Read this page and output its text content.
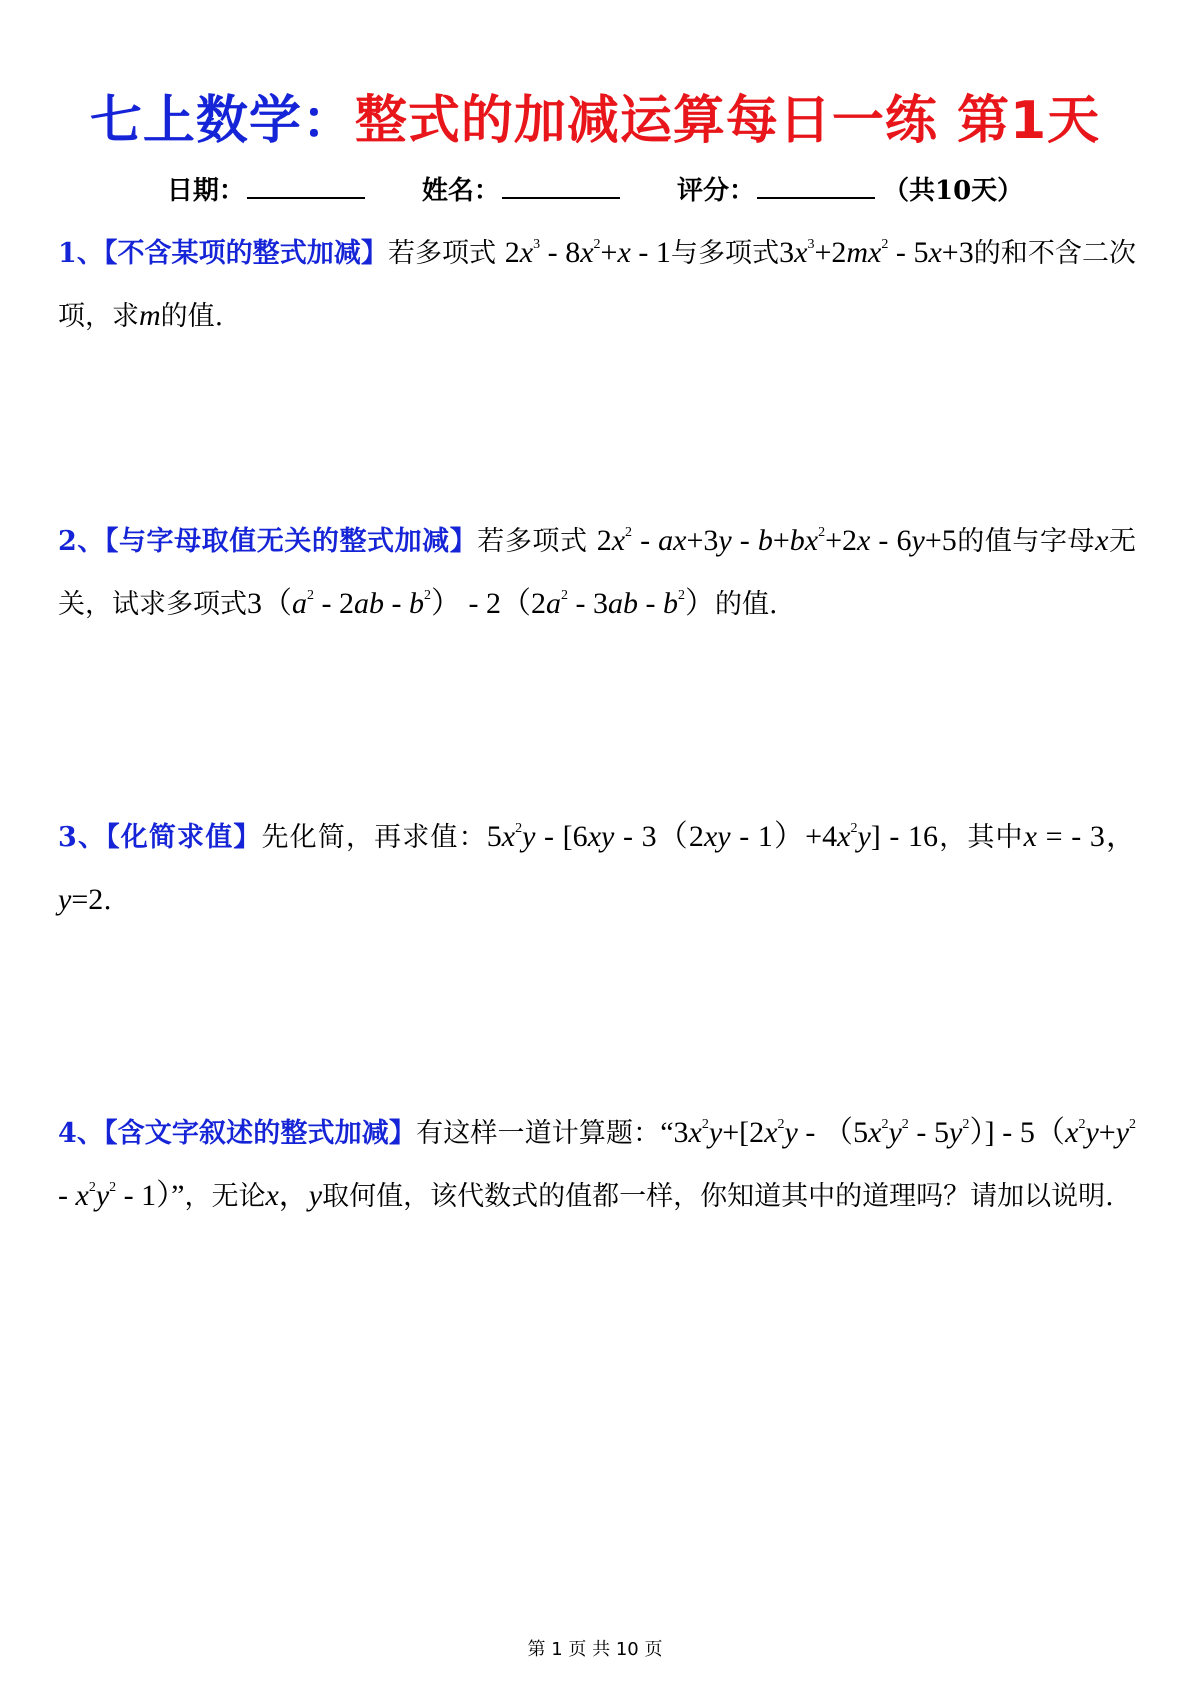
七上数学：整式的加减运算每日一练 第1天
日期：	姓名：	评分：	（共10天）
1、【不含某项的整式加减】若多项式 $2x^3 - 8x^2+x - 1$与多项式$3x^3+2mx^2 - 5x+3$的和不含二次项，求m的值.
2、【与字母取值无关的整式加减】若多项式 $2x^2 - ax+3y - b+bx^2+2x - 6y+5$的值与字母x无关，试求多项式$3(a^2 - 2ab - b^2) - 2(2a^2 - 3ab - b^2)$的值.
3、【化简求值】先化简，再求值：$5x^2y - [6xy - 3(2xy - 1)+4x^2y] - 16$，其中x = - 3，y=2.
4、【含文字叙述的整式加减】有这样一道计算题：“$3x^2y+[2x^2y - (5x^2y^2 - 5y^2)] - 5(x^2y+y^2 - x^2y^2 - 1)$”，无论x，y取何值，该代数式的值都一样，你知道其中的道理吗？请加以说明.
第 1 页 共 10 页
